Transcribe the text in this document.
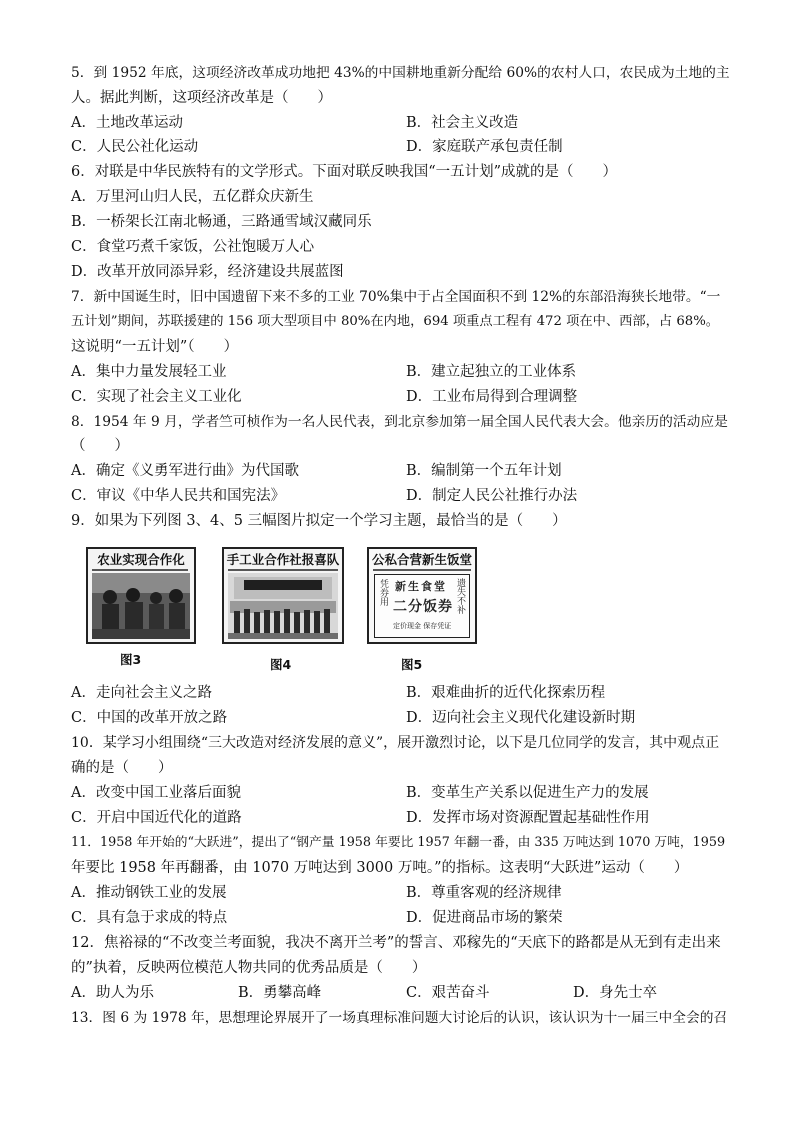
5．到 1952 年底，这项经济改革成功地把 43%的中国耕地重新分配给 60%的农村人口，农民成为土地的主
人。据此判断，这项经济改革是（　　）
A．土地改革运动	B．社会主义改造
C．人民公社化运动	D．家庭联产承包责任制
6．对联是中华民族特有的文学形式。下面对联反映我国“一五计划”成就的是（　　）
A．万里河山归人民，五亿群众庆新生
B．一桥架长江南北畅通，三路通雪域汉藏同乐
C．食堂巧煮千家饭，公社饱暖万人心
D．改革开放同添异彩，经济建设共展蓝图
7．新中国诞生时，旧中国遗留下来不多的工业 70%集中于占全国面积不到 12%的东部沿海狭长地带。“一
五计划”期间，苏联援建的 156 项大型项目中 80%在内地，694 项重点工程有 472 项在中、西部，占 68%。
这说明“一五计划”（　　）
A．集中力量发展轻工业	B．建立起独立的工业体系
C．实现了社会主义工业化	D．工业布局得到合理调整
8．1954 年 9 月，学者竺可桢作为一名人民代表，到北京参加第一届全国人民代表大会。他亲历的活动应是
（　　）
A．确定《义勇军进行曲》为代国歌	B．编制第一个五年计划
C．审议《中华人民共和国宪法》	D．制定人民公社推行办法
9．如果为下列图 3、4、5 三幅图片拟定一个学习主题，最恰当的是（　　）
农业实现合作化
图3
手工业合作社报喜队
图4
公私合营新生饭堂
凭券用 新生食堂
二分饭券 遗失不补
定价现金 保存凭证
图5
A．走向社会主义之路	B．艰难曲折的近代化探索历程
C．中国的改革开放之路	D．迈向社会主义现代化建设新时期
10．某学习小组围绕“三大改造对经济发展的意义”，展开激烈讨论，以下是几位同学的发言，其中观点正
确的是（　　）
A．改变中国工业落后面貌	B．变革生产关系以促进生产力的发展
C．开启中国近代化的道路	D．发挥市场对资源配置起基础性作用
11．1958 年开始的“大跃进”，提出了“钢产量 1958 年要比 1957 年翻一番，由 335 万吨达到 1070 万吨，1959
年要比 1958 年再翻番，由 1070 万吨达到 3000 万吨。”的指标。这表明“大跃进”运动（　　）
A．推动钢铁工业的发展	B．尊重客观的经济规律
C．具有急于求成的特点	D．促进商品市场的繁荣
12．焦裕禄的“不改变兰考面貌，我决不离开兰考”的誓言、邓稼先的“天底下的路都是从无到有走出来
的”执着，反映两位模范人物共同的优秀品质是（　　）
A．助人为乐	B．勇攀高峰	C．艰苦奋斗	D．身先士卒
13．图 6 为 1978 年，思想理论界展开了一场真理标准问题大讨论后的认识，该认识为十一届三中全会的召
